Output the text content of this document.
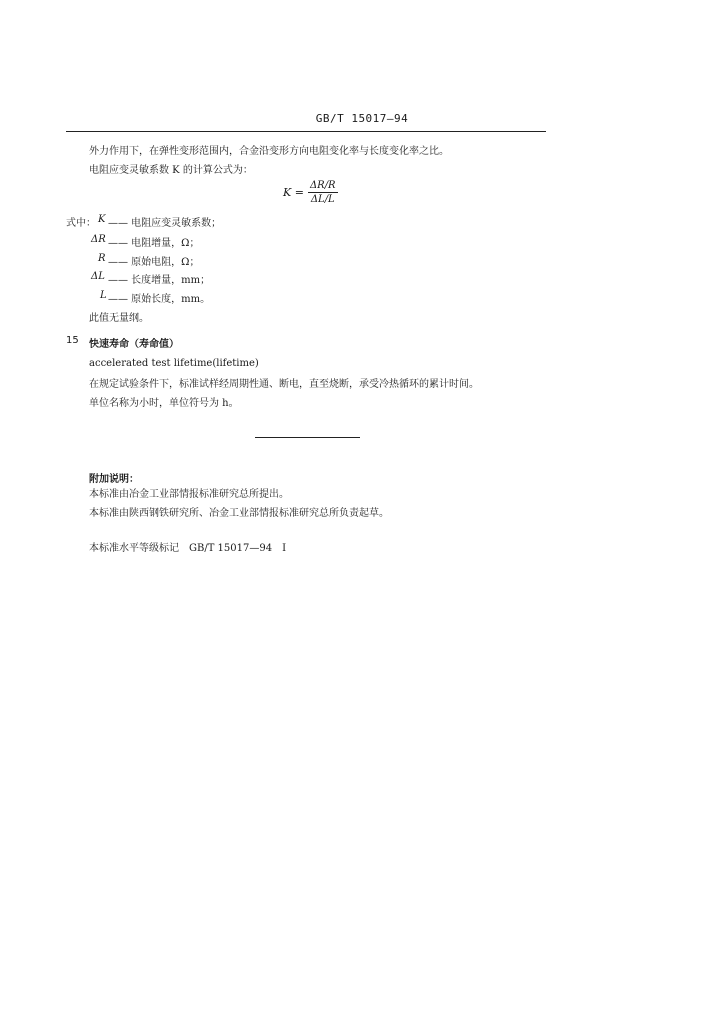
GB/T 15017—94
外力作用下，在弹性变形范围内，合金沿变形方向电阻变化率与长度变化率之比。
电阻应变灵敏系数 K 的计算公式为：
$K = \frac{\Delta R/R}{\Delta L/L}$
式中： K —— 电阻应变灵敏系数；
ΔR —— 电阻增量，Ω；
R —— 原始电阻，Ω；
ΔL —— 长度增量，mm；
L —— 原始长度，mm。
此值无量纲。
15 快速寿命（寿命值）
accelerated test lifetime(lifetime)
在规定试验条件下，标准试样经周期性通、断电，直至烧断，承受冷热循环的累计时间。
单位名称为小时，单位符号为 h。
附加说明：
本标准由冶金工业部情报标准研究总所提出。
本标准由陕西钢铁研究所、冶金工业部情报标准研究总所负责起草。
本标准水平等级标记　GB/T 15017—94　I
